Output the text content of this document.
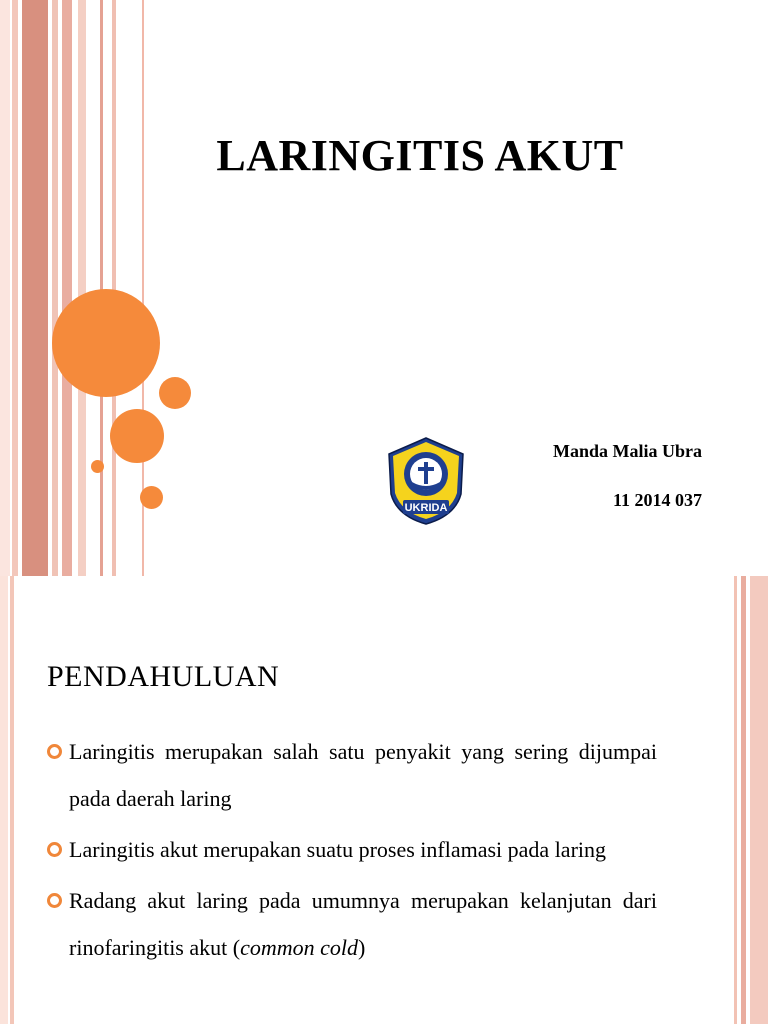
LARINGITIS AKUT
UKRIDA
Manda Malia Ubra
11 2014 037
PENDAHULUAN
Laringitis merupakan salah satu penyakit yang sering dijumpai pada daerah laring
Laringitis akut merupakan suatu proses inflamasi pada laring
Radang akut laring pada umumnya merupakan kelanjutan dari rinofaringitis akut (common cold)
